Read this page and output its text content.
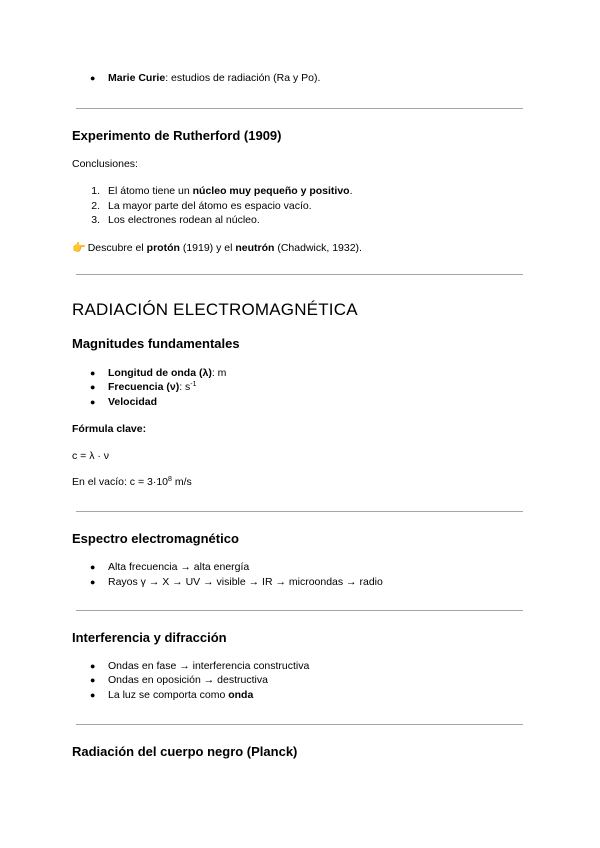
● Marie Curie: estudios de radiación (Ra y Po).
Experimento de Rutherford (1909)
Conclusiones:
1. El átomo tiene un núcleo muy pequeño y positivo.
2. La mayor parte del átomo es espacio vacío.
3. Los electrones rodean al núcleo.
👉 Descubre el protón (1919) y el neutrón (Chadwick, 1932).
RADIACIÓN ELECTROMAGNÉTICA
Magnitudes fundamentales
● Longitud de onda (λ): m
● Frecuencia (ν): $s^{-1}$
● Velocidad
Fórmula clave:
c = λ · ν
En el vacío: $c = 3\cdot 10^8$ m/s
Espectro electromagnético
● Alta frecuencia → alta energía
● Rayos γ → X → UV → visible → IR → microondas → radio
Interferencia y difracción
● Ondas en fase → interferencia constructiva
● Ondas en oposición → destructiva
● La luz se comporta como onda
Radiación del cuerpo negro (Planck)
